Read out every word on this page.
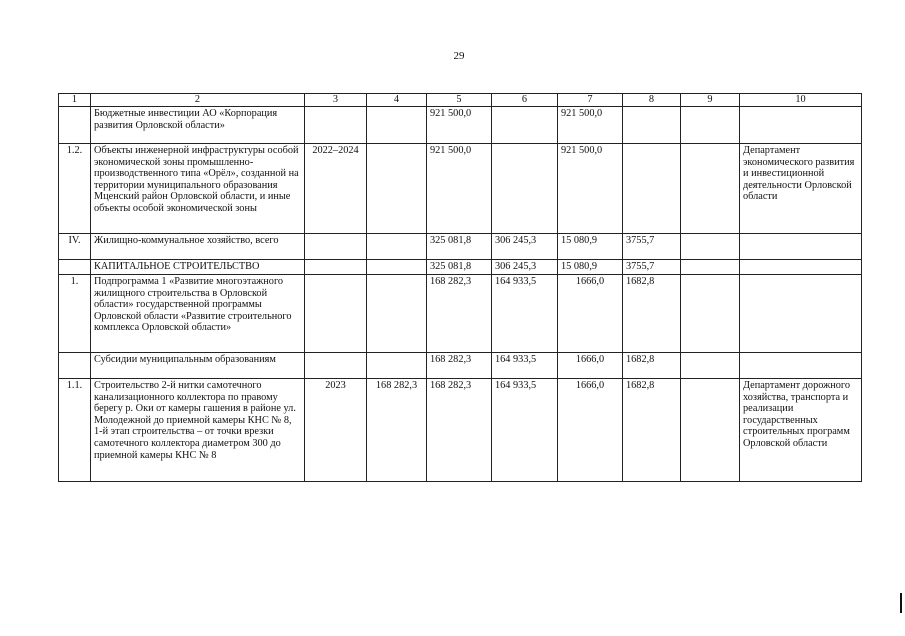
29
1	2	3	4	5	6	7	8	9	10
	Бюджетные инвестиции АО «Корпорация развития Орловской области»			921 500,0		921 500,0			
1.2.	Объекты инженерной инфраструктуры особой экономической зоны промышленно-производственного типа «Орёл», созданной на территории муниципального образования Мценский район Орловской области, и иные объекты особой экономической зоны	2022–2024		921 500,0		921 500,0			Департамент экономического развития и инвестиционной деятельности Орловской области
IV.	Жилищно-коммунальное хозяйство, всего			325 081,8	306 245,3	15 080,9	3755,7		
	КАПИТАЛЬНОЕ СТРОИТЕЛЬСТВО			325 081,8	306 245,3	15 080,9	3755,7		
1.	Подпрограмма 1 «Развитие многоэтажного жилищного строительства в Орловской области» государственной программы Орловской области «Развитие строительного комплекса Орловской области»			168 282,3	164 933,5	1666,0	1682,8		
	Субсидии муниципальным образованиям			168 282,3	164 933,5	1666,0	1682,8		
1.1.	Строительство 2-й нитки самотечного канализационного коллектора по правому берегу р. Оки от камеры гашения в районе ул. Молодежной до приемной камеры КНС № 8, 1-й этап строительства – от точки врезки самотечного коллектора диаметром 300 до приемной камеры КНС № 8	2023	168 282,3	168 282,3	164 933,5	1666,0	1682,8		Департамент дорожного хозяйства, транспорта и реализации государственных строительных программ Орловской области
